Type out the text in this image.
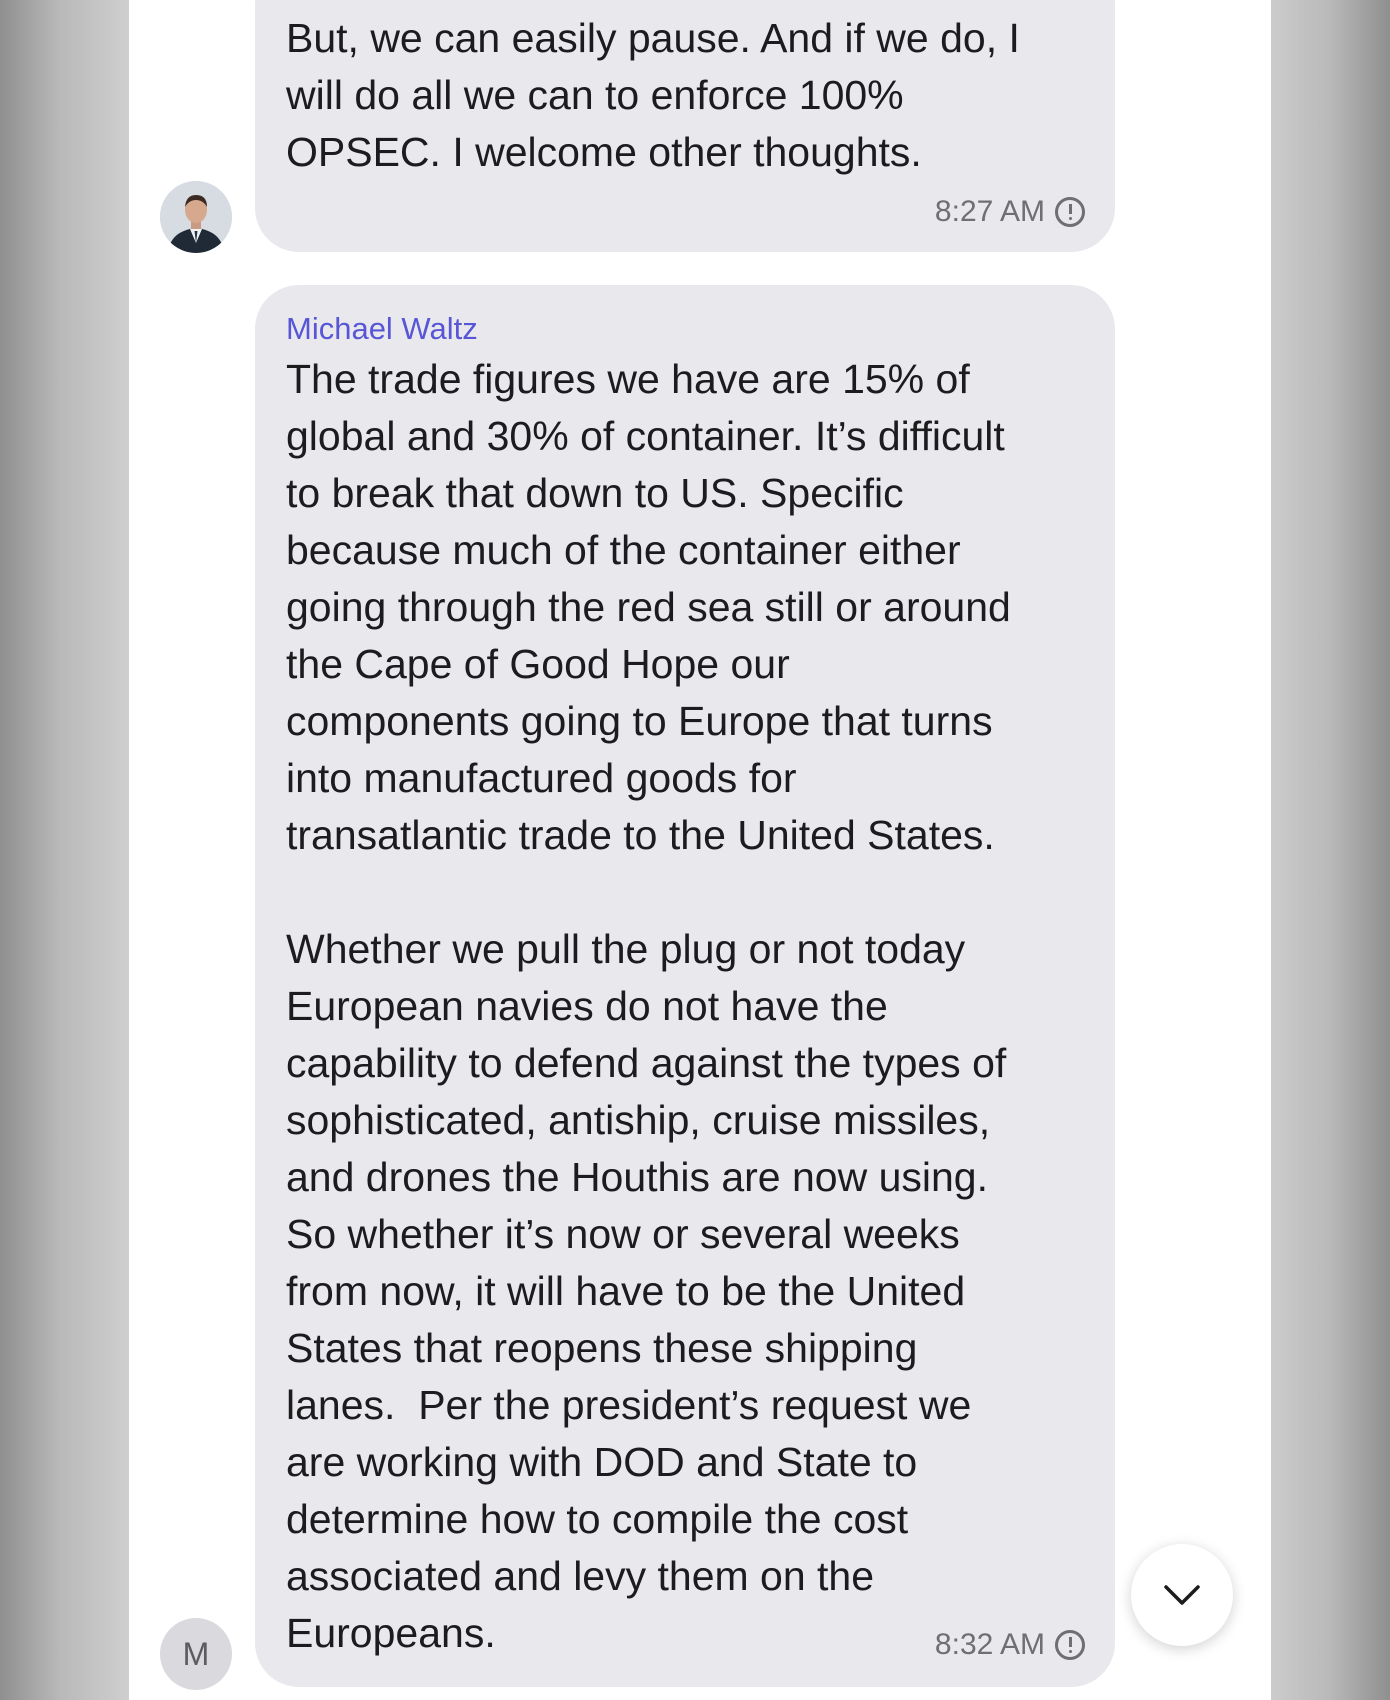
But, we can easily pause. And if we do, I
will do all we can to enforce 100%
OPSEC. I welcome other thoughts.
8:27 AM
Michael Waltz
The trade figures we have are 15% of
global and 30% of container. It’s difficult
to break that down to US. Specific
because much of the container either
going through the red sea still or around
the Cape of Good Hope our
components going to Europe that turns
into manufactured goods for
transatlantic trade to the United States.

Whether we pull the plug or not today
European navies do not have the
capability to defend against the types of
sophisticated, antiship, cruise missiles,
and drones the Houthis are now using.
So whether it’s now or several weeks
from now, it will have to be the United
States that reopens these shipping
lanes.  Per the president’s request we
are working with DOD and State to
determine how to compile the cost
associated and levy them on the
Europeans.	8:32 AM
M
